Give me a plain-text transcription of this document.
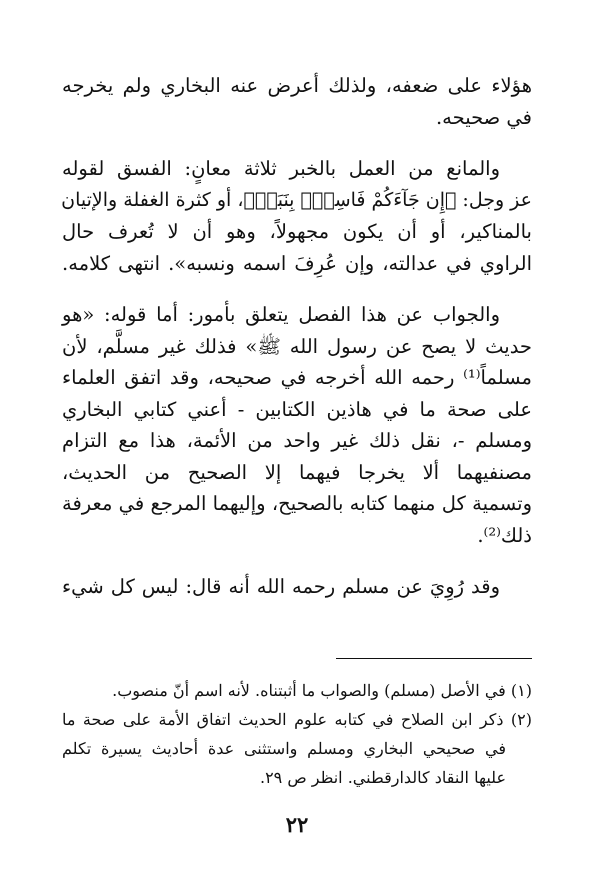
هؤلاء على ضعفه، ولذلك أعرض عنه البخاري ولم يخرجه
في صحيحه.
والمانع من العمل بالخبر ثلاثة معانٍ: الفسق لقوله
عز وجل: ﴿إِن جَآءَكُمْ فَاسِقُۢ بِنَبَإٖ﴾، أو كثرة الغفلة والإتيان
بالمناكير، أو أن يكون مجهولاً، وهو أن لا تُعرف حال
الراوي في عدالته، وإن عُرِفَ اسمه ونسبه». انتهى كلامه.
والجواب عن هذا الفصل يتعلق بأمور: أما قوله: «هو
حديث لا يصح عن رسول الله ﷺ» فذلك غير مسلَّم، لأن
مسلماً⁽¹⁾ رحمه الله أخرجه في صحيحه، وقد اتفق العلماء
على صحة ما في هاذين الكتابين - أعني كتابي البخاري
ومسلم -، نقل ذلك غير واحد من الأئمة، هذا مع التزام
مصنفيهما ألا يخرجا فيهما إلا الصحيح من الحديث،
وتسمية كل منهما كتابه بالصحيح، وإليهما المرجع في معرفة
ذلك⁽²⁾.
وقد رُوِيَ عن مسلم رحمه الله أنه قال: ليس كل شيء
(١) في الأصل (مسلم) والصواب ما أثبتناه. لأنه اسم أنّ منصوب.
(٢) ذكر ابن الصلاح في كتابه علوم الحديث اتفاق الأمة على صحة ما
في صحيحي البخاري ومسلم واستثنى عدة أحاديث يسيرة تكلم
عليها النقاد كالدارقطني. انظر ص ٢٩.
٢٢
